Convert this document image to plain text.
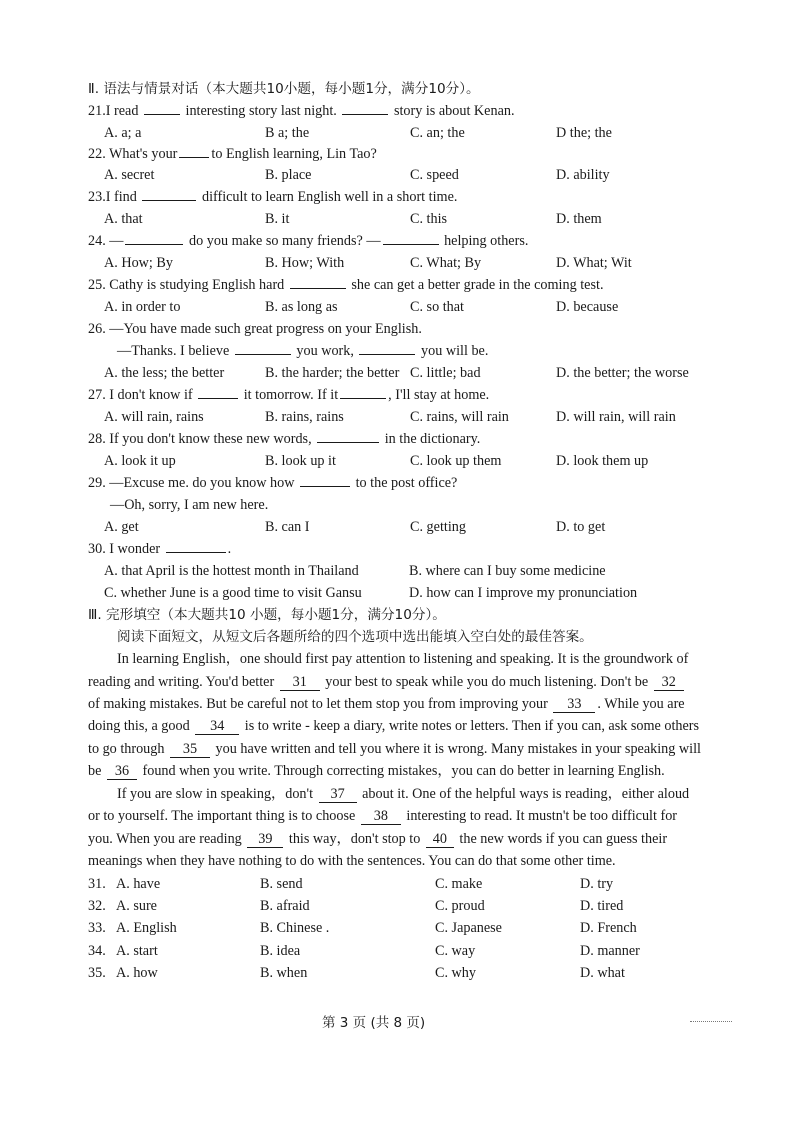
Ⅱ. 语法与情景对话（本大题共10小题，每小题1分，满分10分）。
21.I read	interesting story last night.	story is about Kenan.
A. a; a	B a; the	C. an; the	D the; the
22. What's your to English learning, Lin Tao?
A. secret	B. place	C. speed	D. ability
23.I find	difficult to learn English well in a short time.
A. that	B. it	C. this	D. them
24. —	do you make so many friends? —	helping others.
A. How; By	B. How; With	C. What; By	D. What; Wit
25. Cathy is studying English hard	she can get a better grade in the coming test.
A. in order to	B. as long as	C. so that	D. because
26. —You have made such great progress on your English.
—Thanks. I believe	you work,	you will be.
A. the less; the better	B. the harder; the better C. little; bad	D. the better; the worse
27. I don't know if	it tomorrow. If it	, I'll stay at home.
A. will rain, rains	B. rains, rains	C. rains, will rain	D. will rain, will rain
28. If you don't know these new words,	in the dictionary.
A. look it up	B. look up it	C. look up them	D. look them up
29. —Excuse me. do you know how	to the post office?
—Oh, sorry, I am new here.
A. get	B. can I	C. getting	D. to get
30. I wonder	.
A. that April is the hottest month in Thailand	B. where can I buy some medicine
C. whether June is a good time to visit Gansu	D. how can I improve my pronunciation
Ⅲ. 完形填空（本大题共10 小题，每小题1分，满分10分）。
阅读下面短文，从短文后各题所给的四个选项中选出能填入空白处的最佳答案。
In learning English，one should first pay attention to listening and speaking. It is the groundwork of
reading and writing. You'd better 31 your best to speak while you do much listening. Don't be 32
of making mistakes. But be careful not to let them stop you from improving your 33 . While you are
doing this, a good 34 is to write - keep a diary, write notes or letters. Then if you can, ask some others
to go through 35 you have written and tell you where it is wrong. Many mistakes in your speaking will
be 36 found when you write. Through correcting mistakes，you can do better in learning English.
If you are slow in speaking，don't 37 about it. One of the helpful ways is reading，either aloud
or to yourself. The important thing is to choose 38 interesting to read. It mustn't be too difficult for
you. When you are reading 39 this way，don't stop to 40 the new words if you can guess their
meanings when they have nothing to do with the sentences. You can do that some other time.
31. A. have	B. send	C. make	D. try
32. A. sure	B. afraid	C. proud	D. tired
33. A. English	B. Chinese .	C. Japanese	D. French
34. A. start	B. idea	C. way	D. manner
35. A. how	B. when	C. why	D. what
第 3 页 (共 8 页)
